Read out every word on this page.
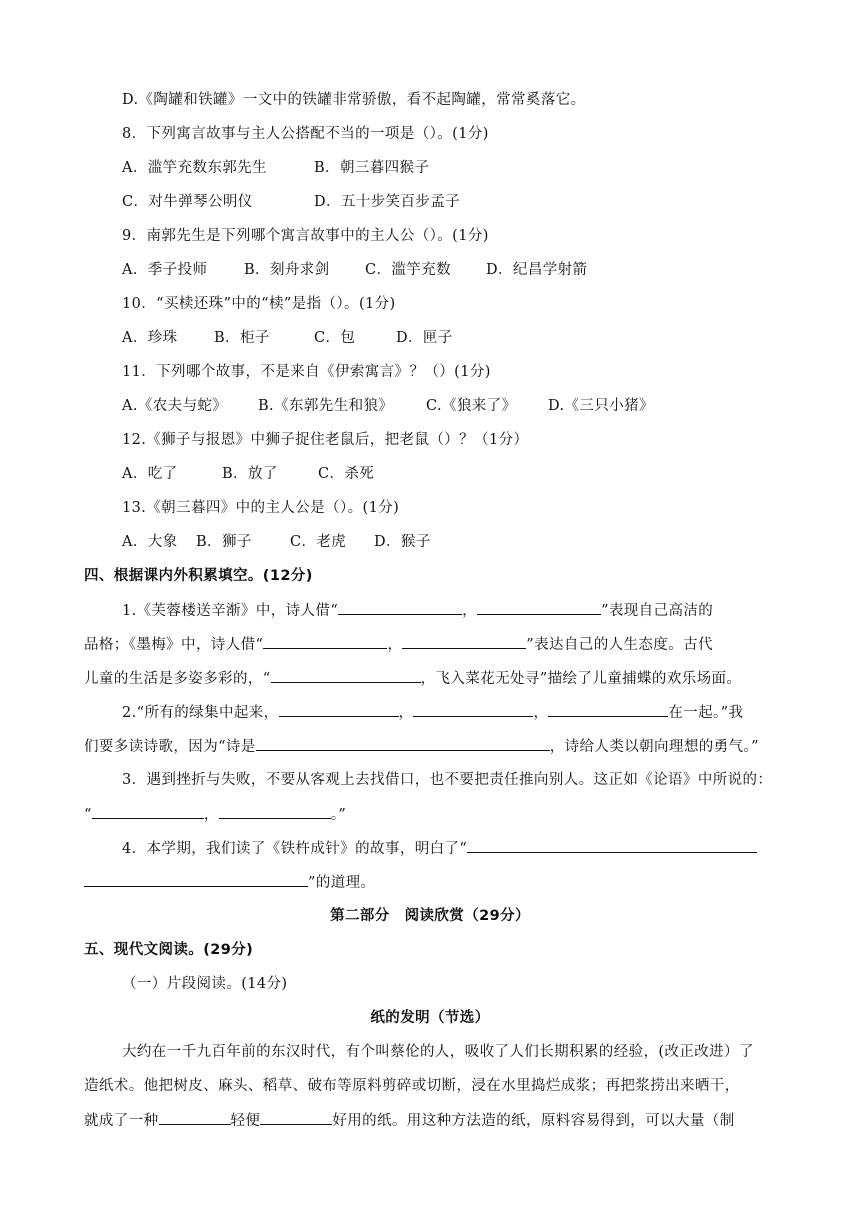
D.《陶罐和铁罐》一文中的铁罐非常骄傲，看不起陶罐，常常奚落它。
8．下列寓言故事与主人公搭配不当的一项是（）。(1分)
A．滥竽充数东郭先生	B．朝三暮四猴子
C．对牛弹琴公明仪	D．五十步笑百步孟子
9．南郭先生是下列哪个寓言故事中的主人公（）。(1分)
A．季子投师	B．刻舟求剑 C．滥竽充数 D．纪昌学射箭
10．“买椟还珠”中的“椟”是指（）。(1分)
A．珍珠	B．柜子	C．包	D．匣子
11．下列哪个故事，不是来自《伊索寓言》？（）(1分)
A.《农夫与蛇》 B.《东郭先生和狼》 C.《狼来了》 D.《三只小猪》
12.《狮子与报恩》中狮子捉住老鼠后，把老鼠（）？（1分）
A．吃了	B．放了	C．杀死
13.《朝三暮四》中的主人公是（）。(1分)
A．大象 B．狮子	C．老虎 D．猴子
四、根据课内外积累填空。(12分)
1.《芙蓉楼送辛渐》中，诗人借“	，	”表现自己高洁的
品格；《墨梅》中，诗人借“	，	”表达自己的人生态度。古代
儿童的生活是多姿多彩的，“	，飞入菜花无处寻”描绘了儿童捕蝶的欢乐场面。
2.“所有的绿集中起来，	，	，	在一起。”我
们要多读诗歌，因为“诗是	，诗给人类以朝向理想的勇气。”
3．遇到挫折与失败，不要从客观上去找借口，也不要把责任推向别人。这正如《论语》中所说的：
“	，	。”
4．本学期，我们读了《铁杵成针》的故事，明白了“
”的道理。
第二部分　阅读欣赏（29分）
五、现代文阅读。(29分)
（一）片段阅读。(14分)
纸的发明（节选）
大约在一千九百年前的东汉时代，有个叫蔡伦的人，吸收了人们长期积累的经验，(改正改进）了
造纸术。他把树皮、麻头、稻草、破布等原料剪碎或切断，浸在水里捣烂成浆；再把浆捞出来晒干，
就成了一种	轻便	好用的纸。用这种方法造的纸，原料容易得到，可以大量（制
